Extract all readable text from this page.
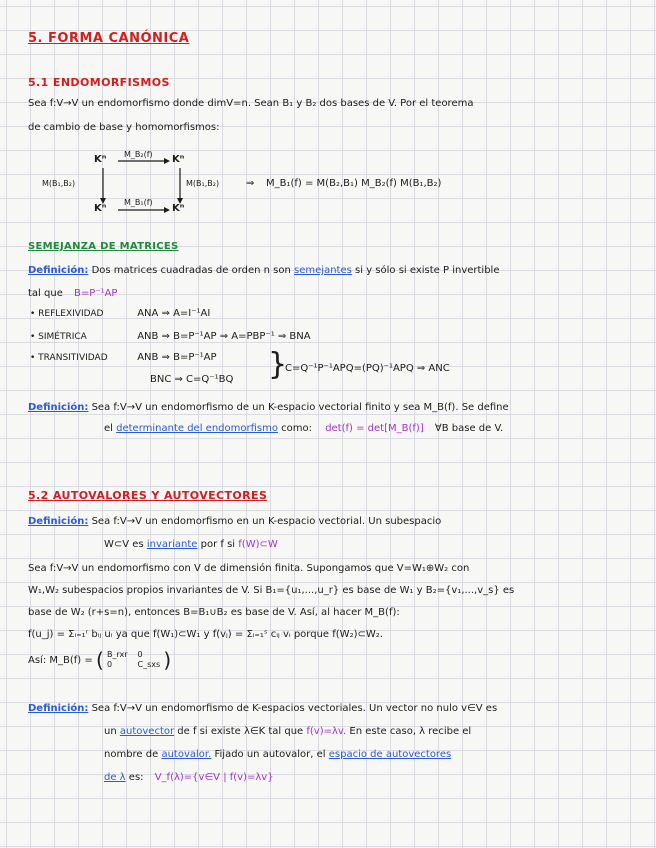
5. FORMA CANÓNICA
5.1 ENDOMORFISMOS
Sea f:V→V un endomorfismo donde dimV=n. Sean B₁ y B₂ dos bases de V. Por el teorema
de cambio de base y homomorfismos:
Kⁿ	Kⁿ
Kⁿ	Kⁿ
M_B₂(f)
M_B₁(f)
M(B₁,B₂)	M(B₁,B₂)	⇒ M_B₁(f) = M(B₂,B₁) M_B₂(f) M(B₁,B₂)
SEMEJANZA DE MATRICES
Definición: Dos matrices cuadradas de orden n son semejantes si y sólo si existe P invertible
tal que B=P⁻¹AP
• REFLEXIVIDAD	ANA ⇒ A=I⁻¹AI
• SIMÉTRICA	ANB ⇒ B=P⁻¹AP ⇒ A=PBP⁻¹ ⇒ BNA
• TRANSITIVIDAD	ANB ⇒ B=P⁻¹AP
BNC ⇒ C=Q⁻¹BQ }
C=Q⁻¹P⁻¹APQ=(PQ)⁻¹APQ ⇒ ANC
Definición: Sea f:V→V un endomorfismo de un K-espacio vectorial finito y sea M_B(f). Se define
el determinante del endomorfismo como: det(f) = det[M_B(f)] ∀B base de V.
5.2 AUTOVALORES Y AUTOVECTORES
Definición: Sea f:V→V un endomorfismo en un K-espacio vectorial. Un subespacio
W⊂V es invariante por f si f(W)⊂W
Sea f:V→V un endomorfismo con V de dimensión finita. Supongamos que V=W₁⊕W₂ con
W₁,W₂ subespacios propios invariantes de V. Si B₁={u₁,...,u_r} es base de W₁ y B₂={v₁,...,v_s} es
base de W₂ (r+s=n), entonces B=B₁∪B₂ es base de V. Así, al hacer M_B(f):
f(u_j) = Σᵢ₌₁ʳ bᵢⱼ uᵢ ya que f(W₁)⊂W₁ y f(vⱼ) = Σᵢ₌₁ˢ cᵢⱼ vᵢ porque f(W₂)⊂W₂.
Así: M_B(f) = ( B_rxr 0
0	C_sxs )
Definición: Sea f:V→V un endomorfismo de K-espacios vectoriales. Un vector no nulo v∈V es
un autovector de f si existe λ∈K tal que f(v)=λv. En este caso, λ recibe el
nombre de autovalor. Fijado un autovalor, el espacio de autovectores
de λ es: V_f(λ)={v∈V | f(v)=λv}
